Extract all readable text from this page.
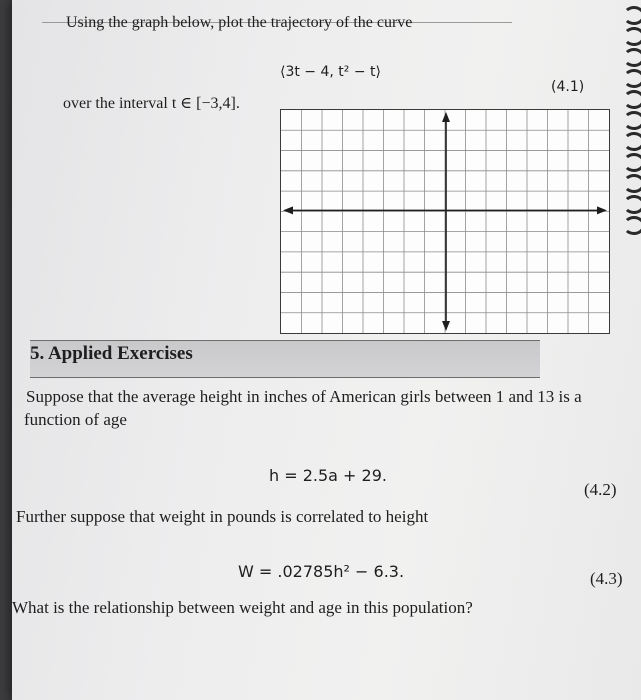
Using the graph below, plot the trajectory of the curve
⟨3t − 4, t² − t⟩
(4.1)
over the interval t ∈ [−3,4].
5. Applied Exercises
Suppose that the average height in inches of American girls between 1 and 13 is a
function of age
h = 2.5a + 29.
(4.2)
Further suppose that weight in pounds is correlated to height
W = .02785h² − 6.3.	(4.3)
What is the relationship between weight and age in this population?
